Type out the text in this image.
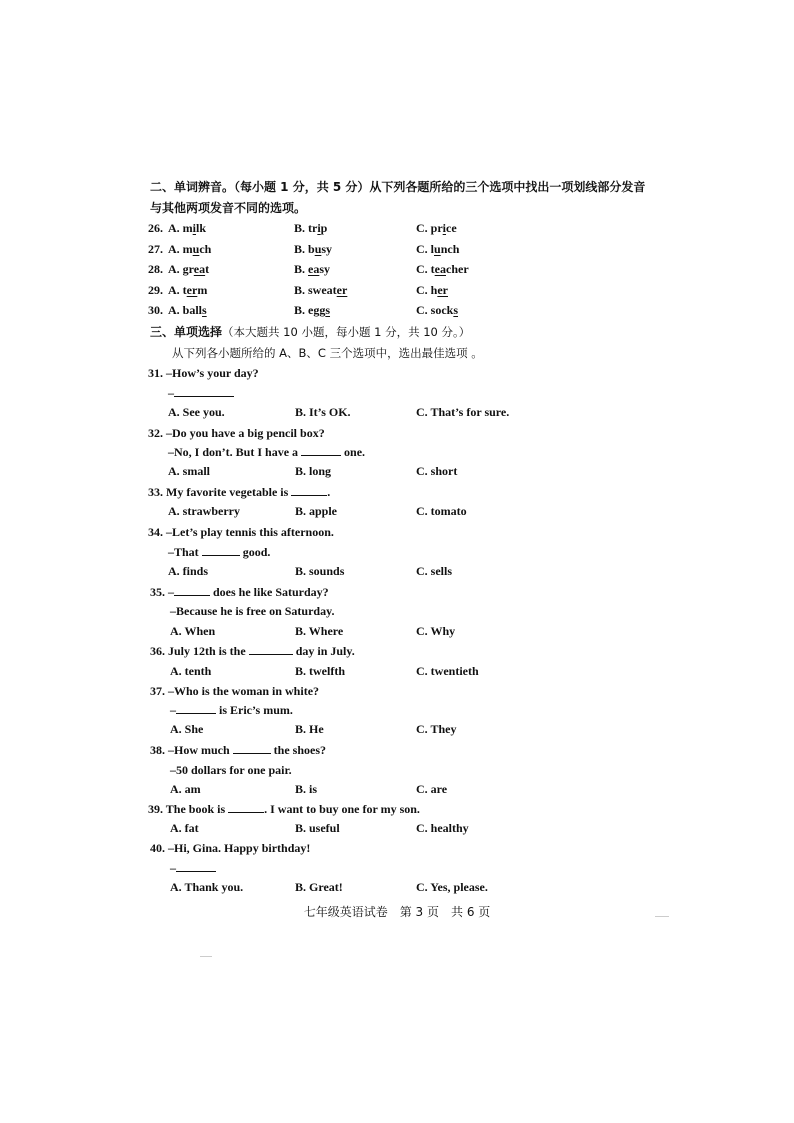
二、单词辨音。（每小题 1 分，共 5 分）从下列各题所给的三个选项中找出一项划线部分发音
与其他两项发音不同的选项。
26. A. milk	B. trip	C. price
27. A. much	B. busy	C. lunch
28. A. great	B. easy	C. teacher
29. A. term	B. sweater	C. her
30. A. balls	B. eggs	C. socks
三、单项选择（本大题共 10 小题，每小题 1 分，共 10 分。）
从下列各小题所给的 A、B、C 三个选项中，选出最佳选项 。
31. –How’s your day?
–
A. See you.	B. It’s OK.	C. That’s for sure.
32. –Do you have a big pencil box?
–No, I don’t. But I have a	one.
A. small	B. long	C. short
33. My favorite vegetable is	.
A. strawberry	B. apple	C. tomato
34. –Let’s play tennis this afternoon.
–That	good.
A. finds	B. sounds	C. sells
35. –	does he like Saturday?
–Because he is free on Saturday.
A. When	B. Where	C. Why
36. July 12th is the	day in July.
A. tenth	B. twelfth	C. twentieth
37. –Who is the woman in white?
–	is Eric’s mum.
A. She	B. He	C. They
38. –How much	the shoes?
–50 dollars for one pair.
A. am	B. is	C. are
39. The book is	. I want to buy one for my son.
A. fat	B. useful	C. healthy
40. –Hi, Gina. Happy birthday!
–
A. Thank you.	B. Great!	C. Yes, please.
七年级英语试卷　第 3 页　共 6 页
